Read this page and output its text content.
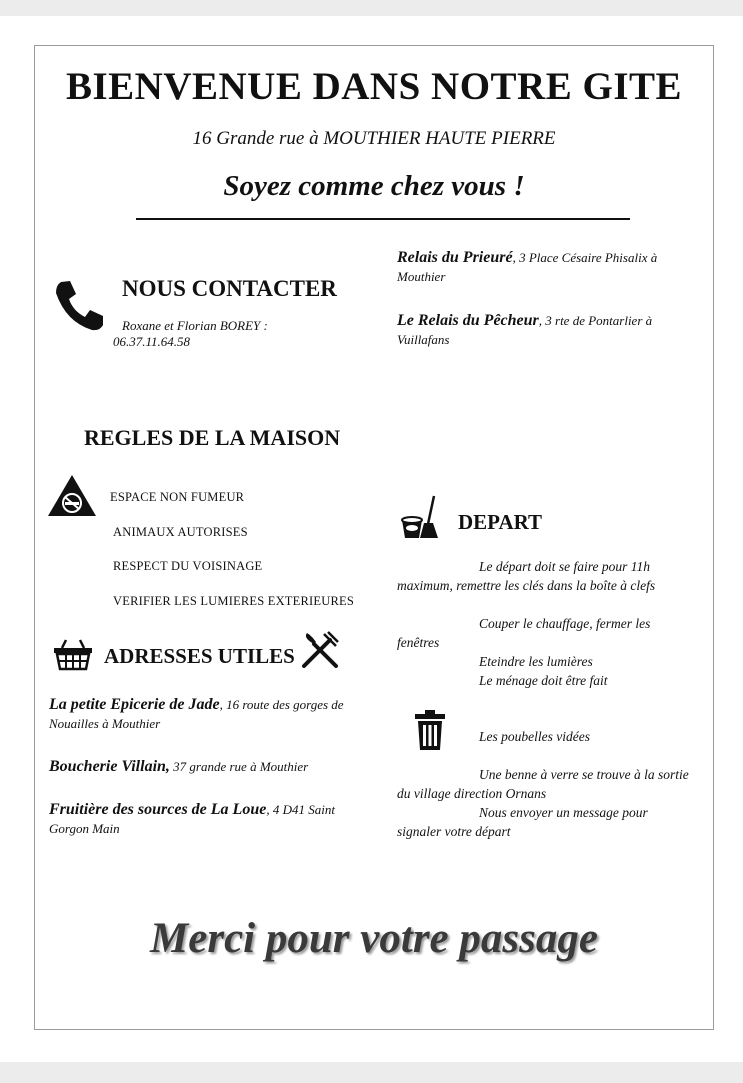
BIENVENUE DANS NOTRE GITE
16 Grande rue à MOUTHIER HAUTE PIERRE
Soyez comme chez vous !
NOUS CONTACTER
Roxane et Florian BOREY :
06.37.11.64.58
Relais du Prieuré, 3 Place Césaire Phisalix à Mouthier
Le Relais du Pêcheur, 3 rte de Pontarlier à Vuillafans
REGLES DE LA MAISON
ESPACE NON FUMEUR
ANIMAUX AUTORISES
RESPECT DU VOISINAGE
VERIFIER LES LUMIERES EXTERIEURES
ADRESSES UTILES
La petite Epicerie de Jade, 16 route des gorges de Nouailles à Mouthier
Boucherie Villain, 37 grande rue à Mouthier
Fruitière des sources de La Loue, 4 D41 Saint Gorgon Main
DEPART
Le départ doit se faire pour 11h maximum, remettre les clés dans la boîte à clefs
Couper le chauffage, fermer les fenêtres
Eteindre les lumières
Le ménage doit être fait
Les poubelles vidées
Une benne à verre se trouve à la sortie du village direction Ornans
Nous envoyer un message pour signaler votre départ
Merci pour votre passage
